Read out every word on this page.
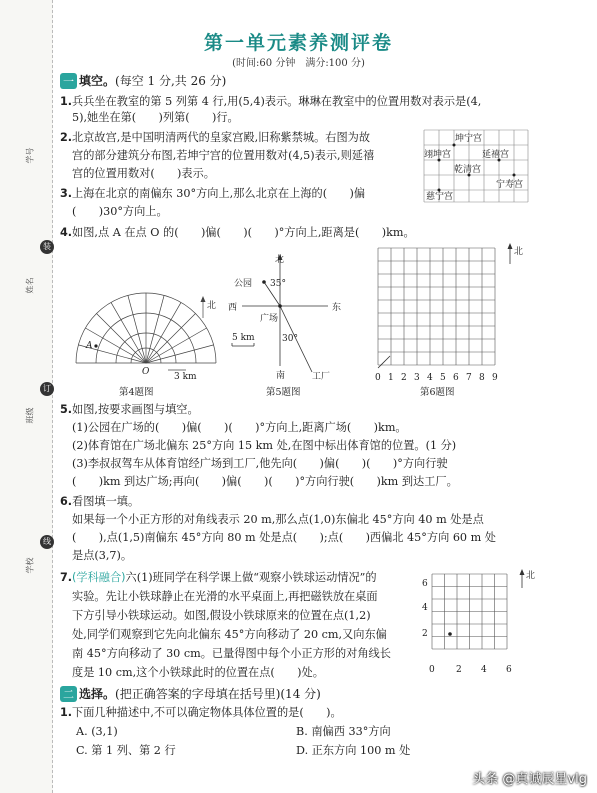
学号
装
姓名
订
班级
线
学校
第一单元素养测评卷
(时间:60 分钟　满分:100 分)
一 填空。(每空 1 分,共 26 分)
1.兵兵坐在教室的第 5 列第 4 行,用(5,4)表示。琳琳在教室中的位置用数对表示是(4,
5),她坐在第(　　)列第(　　)行。
2.北京故宫,是中国明清两代的皇家宫殿,旧称紫禁城。右图为故
宫的部分建筑分布图,若坤宁宫的位置用数对(4,5)表示,则延禧
宫的位置用数对(　　)表示。
坤宁宫
翊坤宫	延禧宫
乾清宫
宁寿宫
慈宁宫
3.上海在北京的南偏东 30°方向上,那么北京在上海的(　　)偏
(　　)30°方向上。
4.如图,点 A 在点 O 的(　　)偏(　　)(　　)°方向上,距离是(　　)km。
北
A
O	3 km
第4题图
北
西	东
南
公园
广场
工厂
35°
30°
5 km
第5题图
北
0 1 2 3 4 5 6 7 8 9
第6题图
5.如图,按要求画图与填空。
(1)公园在广场的(　　)偏(　　)(　　)°方向上,距离广场(　　)km。
(2)体育馆在广场北偏东 25°方向 15 km 处,在图中标出体育馆的位置。(1 分)
(3)李叔叔驾车从体育馆经广场到工厂,他先向(　　)偏(　　)(　　)°方向行驶
(　　)km 到达广场;再向(　　)偏(　　)(　　)°方向行驶(　　)km 到达工厂。
6.看图填一填。
如果每一个小正方形的对角线表示 20 m,那么点(1,0)东偏北 45°方向 40 m 处是点
(　　),点(1,5)南偏东 45°方向 80 m 处是点(　　);点(　　)西偏北 45°方向 60 m 处
是点(3,7)。
7.(学科融合)六(1)班同学在科学课上做“观察小铁球运动情况”的
实验。先让小铁球静止在光滑的水平桌面上,再把磁铁放在桌面
下方引导小铁球运动。如图,假设小铁球原来的位置在点(1,2)
处,同学们观察到它先向北偏东 45°方向移动了 20 cm,又向东偏
南 45°方向移动了 30 cm。已量得图中每个小正方形的对角线长
度是 10 cm,这个小铁球此时的位置在点(　　)处。
北
6
4
2
0 2 4 6
二 选择。(把正确答案的字母填在括号里)(14 分)
1.下面几种描述中,不可以确定物体具体位置的是(　　)。
A. (3,1)	B. 南偏西 33°方向
C. 第 1 列、第 2 行	D. 正东方向 100 m 处
头条 @真诚辰星vlg
